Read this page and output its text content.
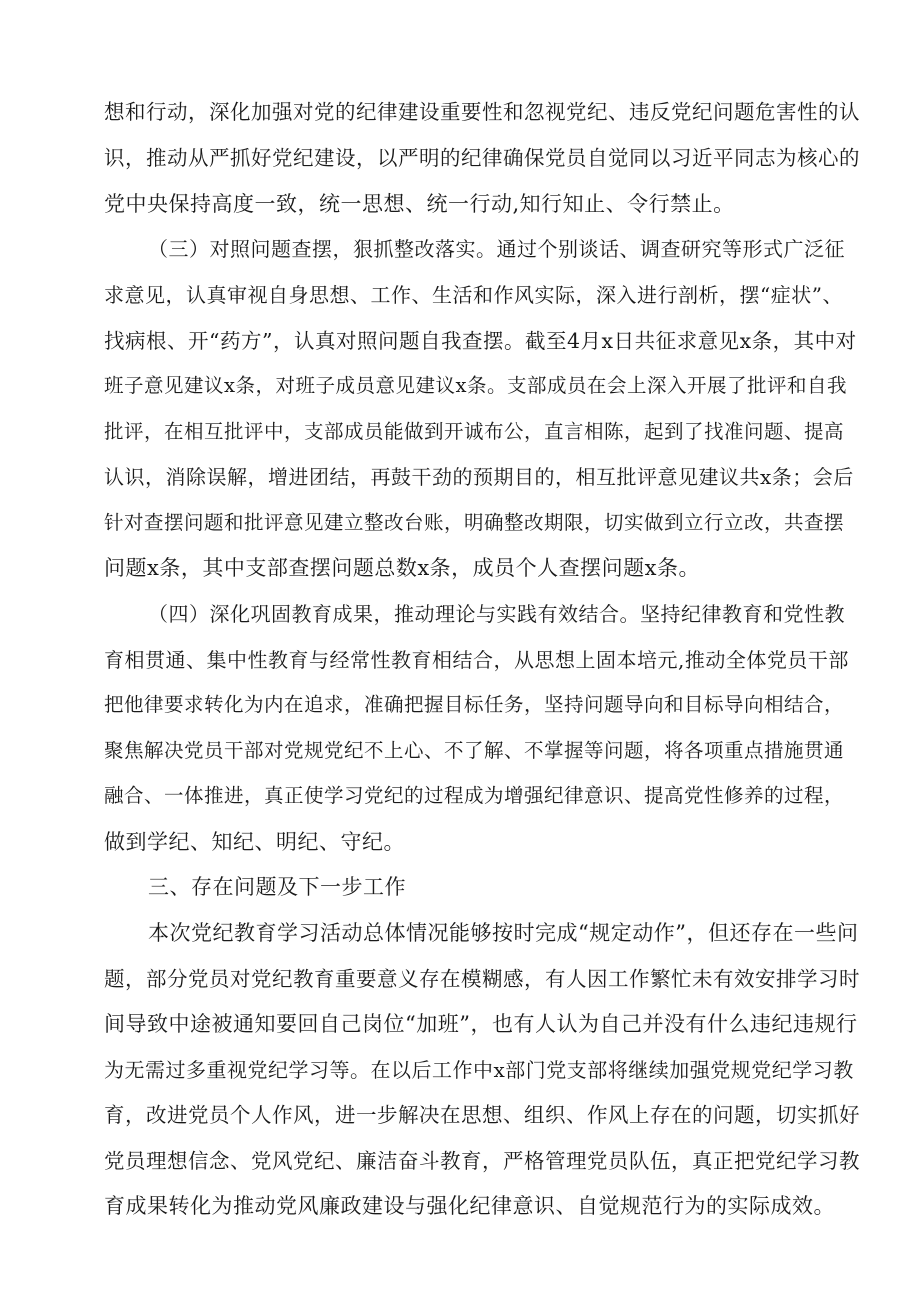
想和行动，深化加强对党的纪律建设重要性和忽视党纪、违反党纪问题危害性的认
识，推动从严抓好党纪建设，以严明的纪律确保党员自觉同以习近平同志为核心的
党中央保持高度一致，统一思想、统一行动,知行知止、令行禁止。
（三）对照问题查摆，狠抓整改落实。通过个别谈话、调查研究等形式广泛征
求意见，认真审视自身思想、工作、生活和作风实际，深入进行剖析，摆“症状”、
找病根、开“药方”，认真对照问题自我查摆。截至4月x日共征求意见x条，其中对
班子意见建议x条，对班子成员意见建议x条。支部成员在会上深入开展了批评和自我
批评，在相互批评中，支部成员能做到开诚布公，直言相陈，起到了找准问题、提高
认识，消除误解，增进团结，再鼓干劲的预期目的，相互批评意见建议共x条；会后
针对查摆问题和批评意见建立整改台账，明确整改期限，切实做到立行立改，共查摆
问题x条，其中支部查摆问题总数x条，成员个人查摆问题x条。
（四）深化巩固教育成果，推动理论与实践有效结合。坚持纪律教育和党性教
育相贯通、集中性教育与经常性教育相结合，从思想上固本培元,推动全体党员干部
把他律要求转化为内在追求，准确把握目标任务，坚持问题导向和目标导向相结合，
聚焦解决党员干部对党规党纪不上心、不了解、不掌握等问题，将各项重点措施贯通
融合、一体推进，真正使学习党纪的过程成为增强纪律意识、提高党性修养的过程，
做到学纪、知纪、明纪、守纪。
三、存在问题及下一步工作
本次党纪教育学习活动总体情况能够按时完成“规定动作”，但还存在一些问
题，部分党员对党纪教育重要意义存在模糊感，有人因工作繁忙未有效安排学习时
间导致中途被通知要回自己岗位“加班”，也有人认为自己并没有什么违纪违规行
为无需过多重视党纪学习等。在以后工作中x部门党支部将继续加强党规党纪学习教
育，改进党员个人作风，进一步解决在思想、组织、作风上存在的问题，切实抓好
党员理想信念、党风党纪、廉洁奋斗教育，严格管理党员队伍，真正把党纪学习教
育成果转化为推动党风廉政建设与强化纪律意识、自觉规范行为的实际成效。
